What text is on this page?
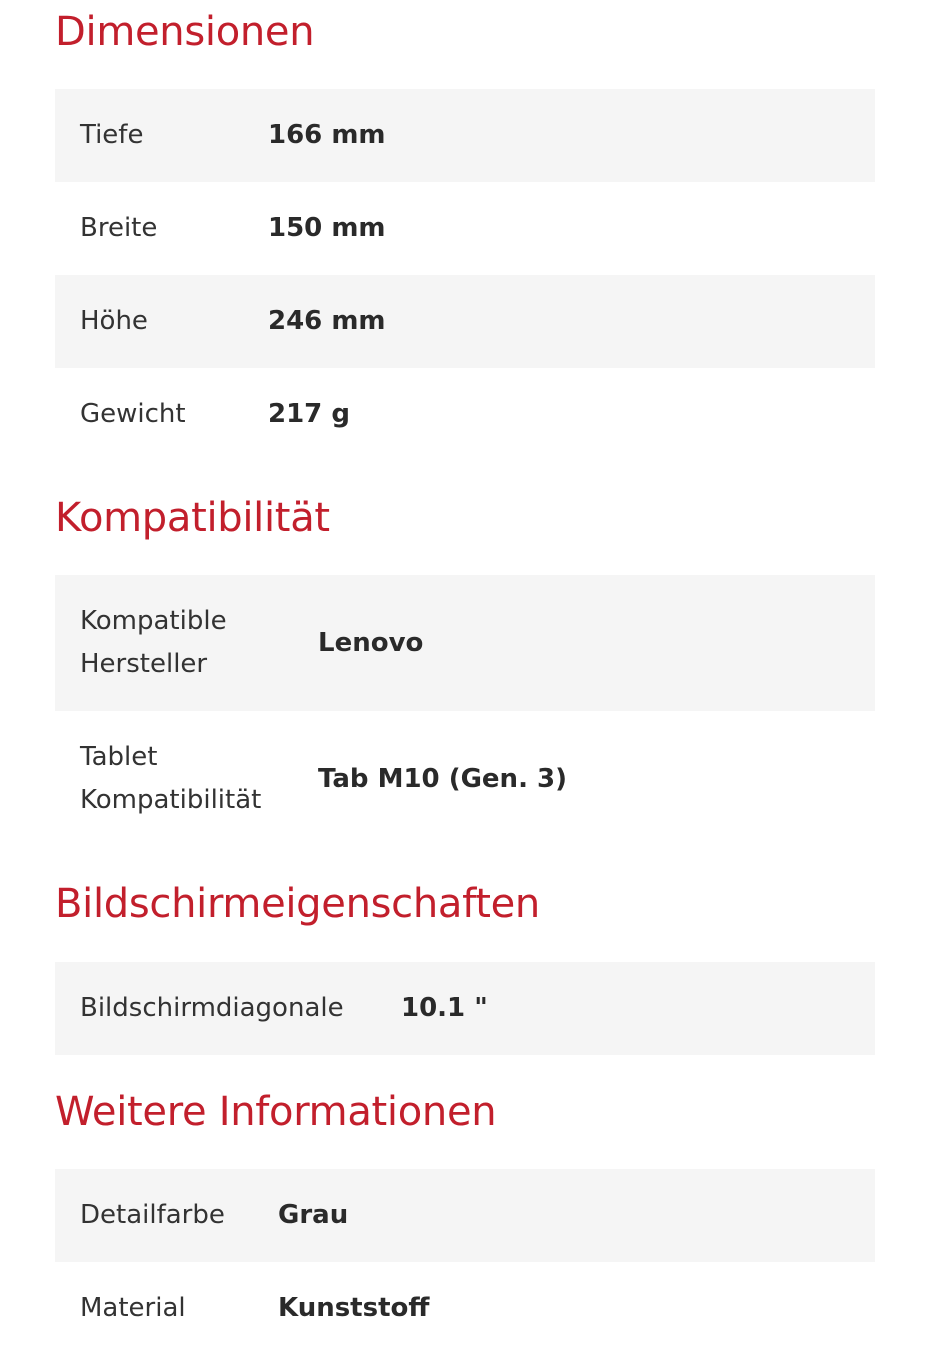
Dimensionen
Tiefe	166 mm
Breite	150 mm
Höhe	246 mm
Gewicht	217 g
Kompatibilität
Kompatible Hersteller	Lenovo
Tablet Kompatibilität	Tab M10 (Gen. 3)
Bildschirmeigenschaften
Bildschirmdiagonale	10.1 "
Weitere Informationen
Detailfarbe	Grau
Material	Kunststoff
